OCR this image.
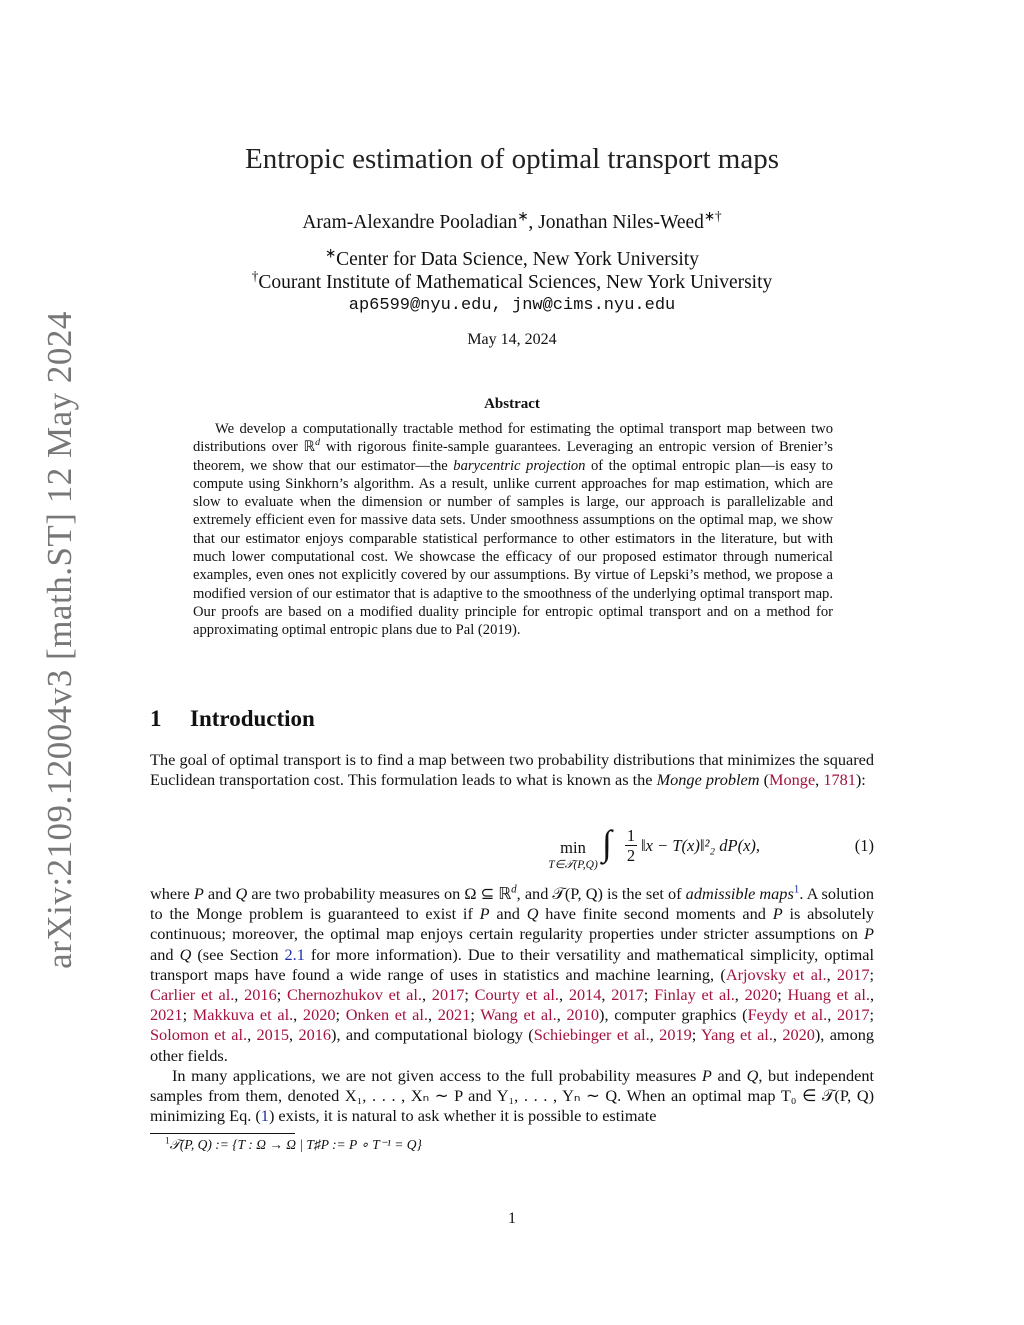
arXiv:2109.12004v3 [math.ST] 12 May 2024
Entropic estimation of optimal transport maps
Aram-Alexandre Pooladian∗, Jonathan Niles-Weed∗†
∗Center for Data Science, New York University
†Courant Institute of Mathematical Sciences, New York University
ap6599@nyu.edu, jnw@cims.nyu.edu
May 14, 2024
Abstract

We develop a computationally tractable method for estimating the optimal transport map between two distributions over ℝ$^d$ with rigorous finite-sample guarantees. Leveraging an entropic version of Brenier’s theorem, we show that our estimator—the barycentric projection of the optimal entropic plan—is easy to compute using Sinkhorn’s algorithm. As a result, unlike current approaches for map estimation, which are slow to evaluate when the dimension or number of samples is large, our approach is parallelizable and extremely efficient even for massive data sets. Under smoothness assumptions on the optimal map, we show that our estimator enjoys comparable statistical performance to other estimators in the literature, but with much lower computational cost. We showcase the efficacy of our proposed estimator through numerical examples, even ones not explicitly covered by our assumptions. By virtue of Lepski’s method, we propose a modified version of our estimator that is adaptive to the smoothness of the underlying optimal transport map. Our proofs are based on a modified duality principle for entropic optimal transport and on a method for approximating optimal entropic plans due to Pal (2019).

1 Introduction

The goal of optimal transport is to find a map between two probability distributions that minimizes the squared Euclidean transportation cost. This formulation leads to what is known as the Monge problem (Monge, 1781):

min
T∈𝒯(P,Q)
∫ $\frac{1}{2}$ ‖x − T(x)‖²₂ dP(x),	(1)

where P and Q are two probability measures on Ω ⊆ ℝ$^d$, and 𝒯(P, Q) is the set of admissible maps$^1$. A solution to the Monge problem is guaranteed to exist if P and Q have finite second moments and P is absolutely continuous; moreover, the optimal map enjoys certain regularity properties under stricter assumptions on P and Q (see Section 2.1 for more information). Due to their versatility and mathematical simplicity, optimal transport maps have found a wide range of uses in statistics and machine learning, (Arjovsky et al., 2017; Carlier et al., 2016; Chernozhukov et al., 2017; Courty et al., 2014, 2017; Finlay et al., 2020; Huang et al., 2021; Makkuva et al., 2020; Onken et al., 2021; Wang et al., 2010), computer graphics (Feydy et al., 2017; Solomon et al., 2015, 2016), and computational biology (Schiebinger et al., 2019; Yang et al., 2020), among other fields.

In many applications, we are not given access to the full probability measures P and Q, but independent samples from them, denoted X₁, . . . , Xₙ ∼ P and Y₁, . . . , Yₙ ∼ Q. When an optimal map T₀ ∈ 𝒯(P, Q) minimizing Eq. (1) exists, it is natural to ask whether it is possible to estimate

$^1$𝒯(P, Q) := {T : Ω → Ω | T♯P := P ∘ T⁻¹ = Q}
1
